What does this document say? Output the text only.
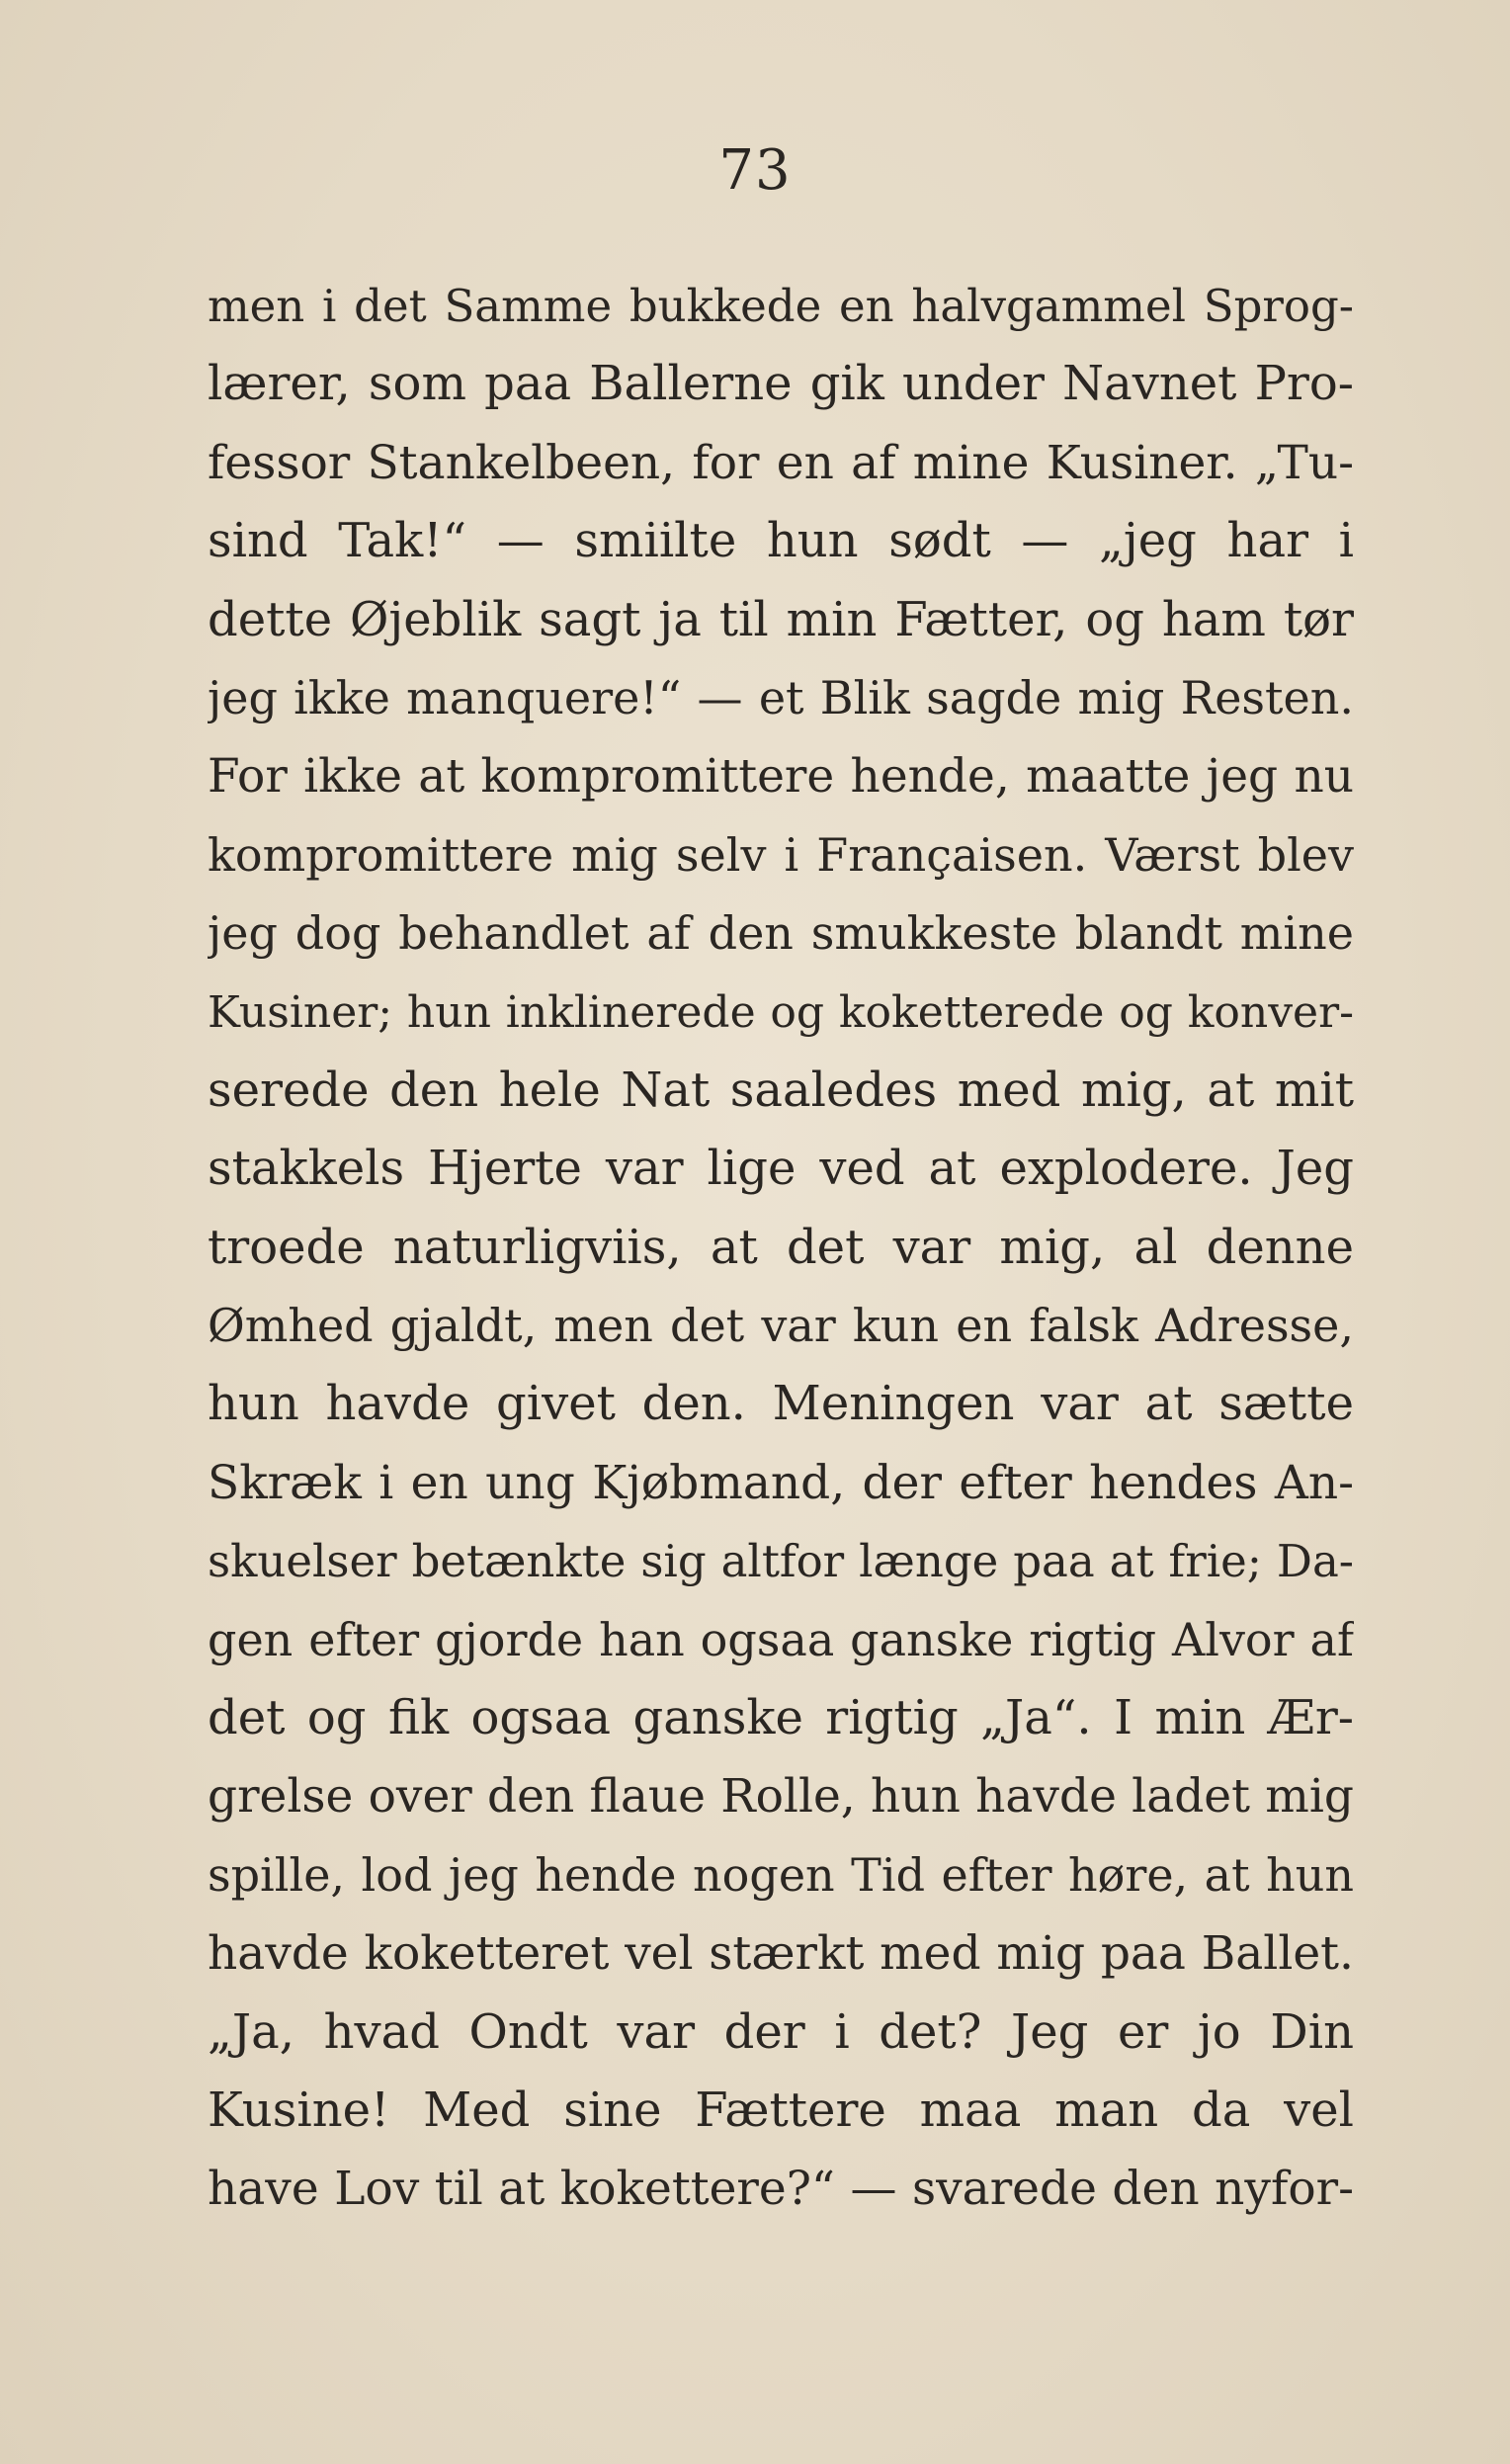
73
men i det Samme bukkede en halvgammel Sprog-
lærer, som paa Ballerne gik under Navnet Pro-
fessor Stankelbeen, for en af mine Kusiner. „Tu-
sind Tak!“ — smiilte hun sødt — „jeg har i
dette Øjeblik sagt ja til min Fætter, og ham tør
jeg ikke manquere!“ — et Blik sagde mig Resten.
For ikke at kompromittere hende, maatte jeg nu
kompromittere mig selv i Françaisen. Værst blev
jeg dog behandlet af den smukkeste blandt mine
Kusiner; hun inklinerede og koketterede og konver-
serede den hele Nat saaledes med mig, at mit
stakkels Hjerte var lige ved at explodere. Jeg
troede naturligviis, at det var mig, al denne
Ømhed gjaldt, men det var kun en falsk Adresse,
hun havde givet den. Meningen var at sætte
Skræk i en ung Kjøbmand, der efter hendes An-
skuelser betænkte sig altfor længe paa at frie; Da-
gen efter gjorde han ogsaa ganske rigtig Alvor af
det og fik ogsaa ganske rigtig „Ja“. I min Ær-
grelse over den flaue Rolle, hun havde ladet mig
spille, lod jeg hende nogen Tid efter høre, at hun
havde koketteret vel stærkt med mig paa Ballet.
„Ja, hvad Ondt var der i det? Jeg er jo Din
Kusine! Med sine Fættere maa man da vel
have Lov til at kokettere?“ — svarede den nyfor-
